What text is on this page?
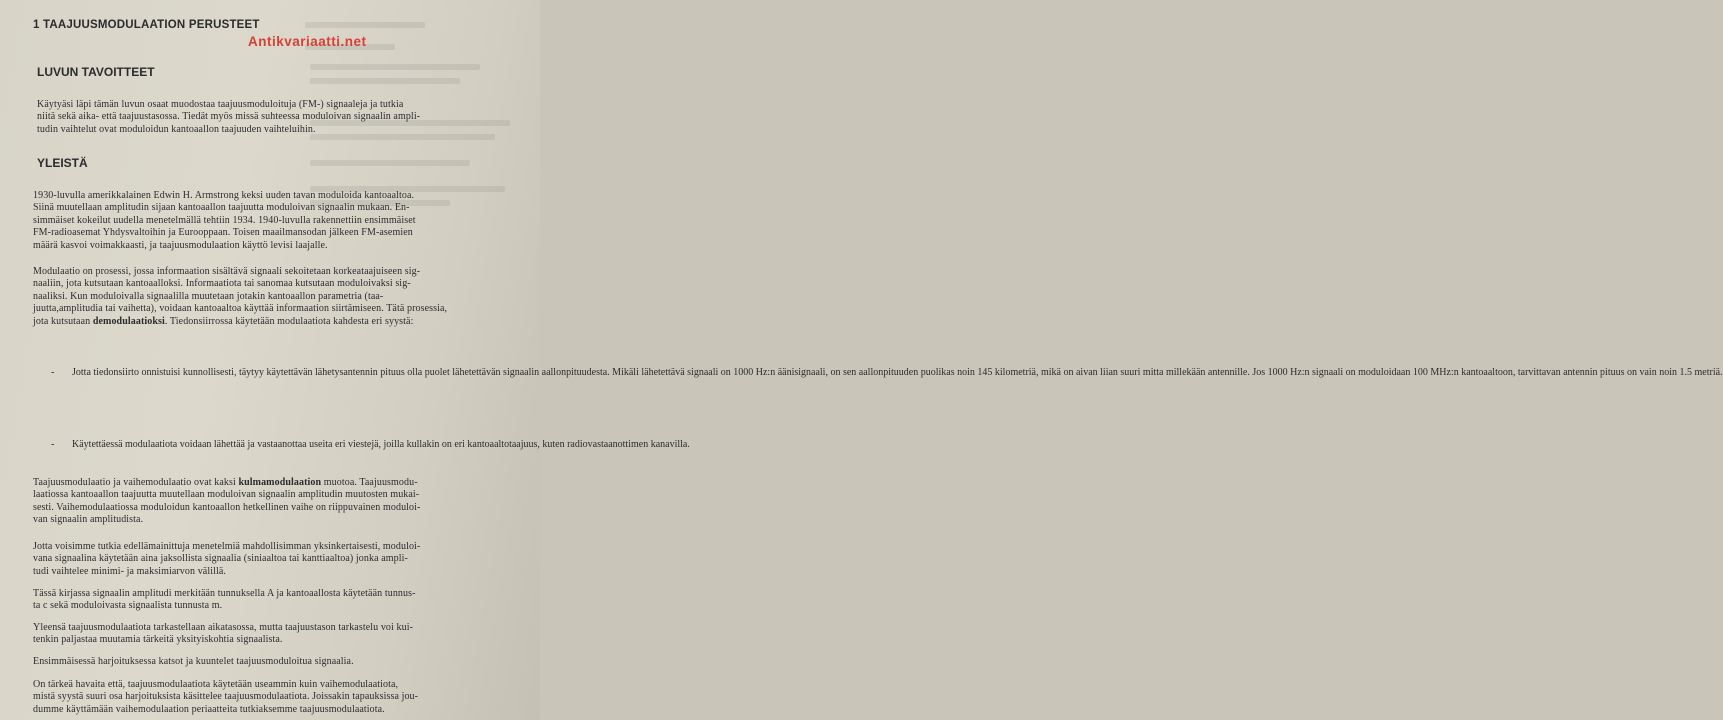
1 TAAJUUSMODULAATION PERUSTEET
Antikvariaatti.net
LUVUN TAVOITTEET

Käytyäsi läpi tämän luvun osaat muodostaa taajuusmoduloituja (FM-) signaaleja ja tutkia
niitä sekä aika- että taajuustasossa. Tiedät myös missä suhteessa moduloivan signaalin ampli-
tudin vaihtelut ovat moduloidun kantoaallon taajuuden vaihteluihin.

YLEISTÄ

1930-luvulla amerikkalainen Edwin H. Armstrong keksi uuden tavan moduloida kantoaaltoa.
Siinä muutellaan amplitudin sijaan kantoaallon taajuutta moduloivan signaalin mukaan. En-
simmäiset kokeilut uudella menetelmällä tehtiin 1934. 1940-luvulla rakennettiin ensimmäiset
FM-radioasemat Yhdysvaltoihin ja Eurooppaan. Toisen maailmansodan jälkeen FM-asemien
määrä kasvoi voimakkaasti, ja taajuusmodulaation käyttö levisi laajalle.

Modulaatio on prosessi, jossa informaation sisältävä signaali sekoitetaan korkeataajuiseen sig-
naaliin, jota kutsutaan kantoaalloksi. Informaatiota tai sanomaa kutsutaan moduloivaksi sig-
naaliksi. Kun moduloivalla signaalilla muutetaan jotakin kantoaallon parametria (taa-
juutta,amplitudia tai vaihetta), voidaan kantoaaltoa käyttää informaation siirtämiseen. Tätä prosessia,
jota kutsutaan demodulaatioksi. Tiedonsiirrossa käytetään modulaatiota kahdesta eri syystä:

- Jotta tiedonsiirto onnistuisi kunnollisesti, täytyy käytettävän lähetysantennin pituus olla puolet lähetettävän signaalin aallonpituudesta. Mikäli lähetettävä signaali on 1000 Hz:n äänisignaali, on sen aallonpituuden puolikas noin 145 kilometriä, mikä on aivan liian suuri mitta millekään antennille. Jos 1000 Hz:n signaali on moduloidaan 100 MHz:n kantoaaltoon, tarvittavan antennin pituus on vain noin 1.5 metriä.

- Käytettäessä modulaatiota voidaan lähettää ja vastaanottaa useita eri viestejä, joilla kullakin on eri kantoaaltotaajuus, kuten radiovastaanottimen kanavilla.

Taajuusmodulaatio ja vaihemodulaatio ovat kaksi kulmamodulaation muotoa. Taajuusmodu-
laatiossa kantoaallon taajuutta muutellaan moduloivan signaalin amplitudin muutosten mukai-
sesti. Vaihemodulaatiossa moduloidun kantoaallon hetkellinen vaihe on riippuvainen moduloi-
van signaalin amplitudista.

Jotta voisimme tutkia edellämainittuja menetelmiä mahdollisimman yksinkertaisesti, moduloi-
vana signaalina käytetään aina jaksollista signaalia (siniaaltoa tai kanttiaaltoa) jonka ampli-
tudi vaihtelee minimi- ja maksimiarvon välillä.

Tässä kirjassa signaalin amplitudi merkitään tunnuksella A ja kantoaallosta käytetään tunnus-
ta c sekä moduloivasta signaalista tunnusta m.

Yleensä taajuusmodulaatiota tarkastellaan aikatasossa, mutta taajuustason tarkastelu voi kui-
tenkin paljastaa muutamia tärkeitä yksityiskohtia signaalista.

Ensimmäisessä harjoituksessa katsot ja kuuntelet taajuusmoduloitua signaalia.

On tärkeä havaita että, taajuusmodulaatiota käytetään useammin kuin vaihemodulaatiota,
mistä syystä suuri osa harjoituksista käsittelee taajuusmodulaatiota. Joissakin tapauksissa jou-
dumme käyttämään vaihemodulaation periaatteita tutkiaksemme taajuusmodulaatiota.
